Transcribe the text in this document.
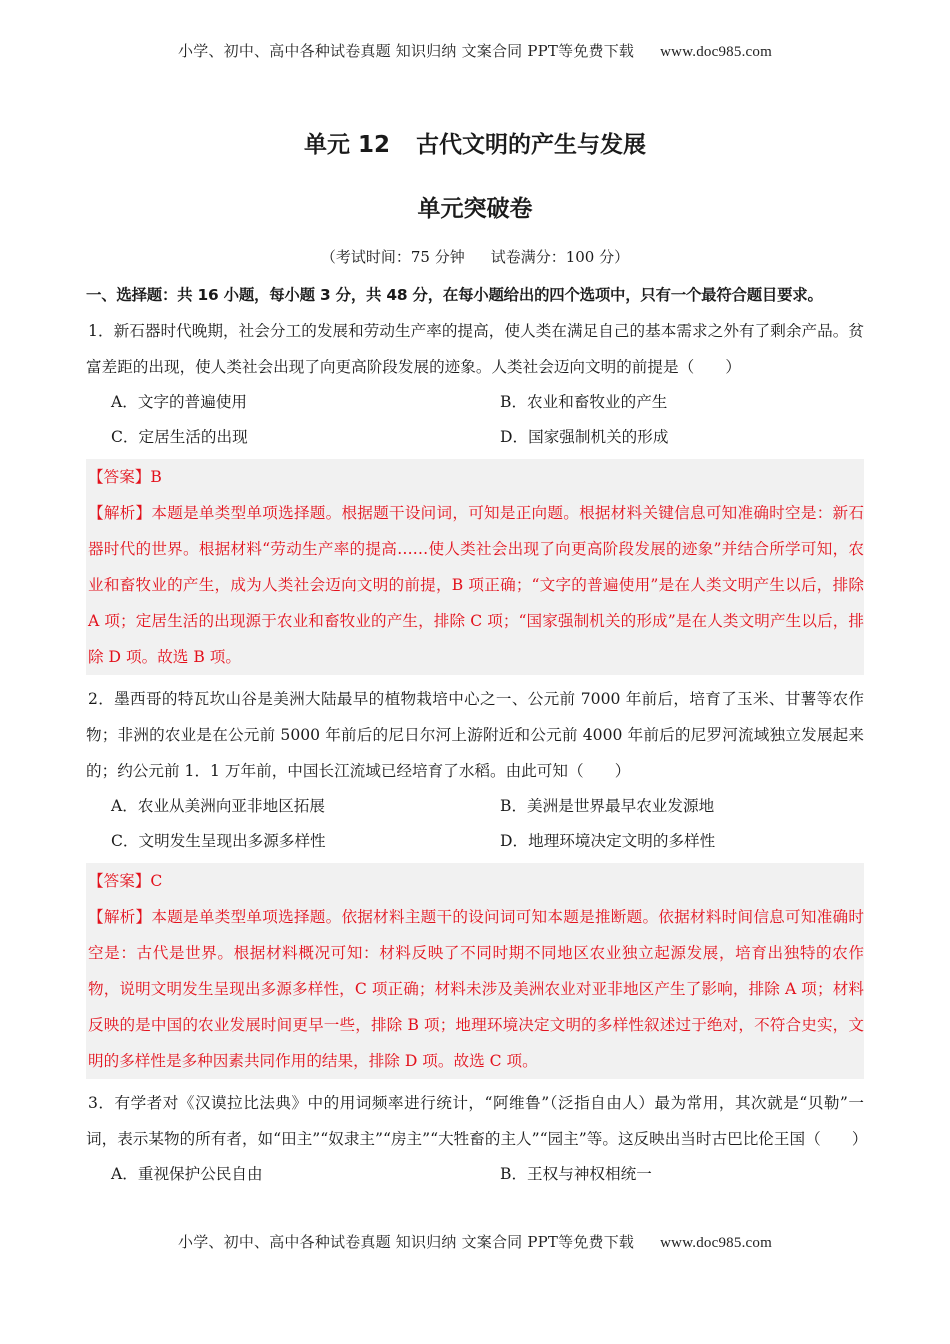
小学、初中、高中各种试卷真题 知识归纳 文案合同 PPT等免费下载 www.doc985.com
单元 12 古代文明的产生与发展
单元突破卷
（考试时间：75 分钟 试卷满分：100 分）
一、选择题：共 16 小题，每小题 3 分，共 48 分，在每小题给出的四个选项中，只有一个最符合题目要求。
1．新石器时代晚期，社会分工的发展和劳动生产率的提高，使人类在满足自己的基本需求之外有了剩余产品。贫富差距的出现，使人类社会出现了向更高阶段发展的迹象。人类社会迈向文明的前提是（　　）
A．文字的普遍使用	B．农业和畜牧业的产生
C．定居生活的出现	D．国家强制机关的形成
【答案】B
【解析】本题是单类型单项选择题。根据题干设问词，可知是正向题。根据材料关键信息可知准确时空是：新石器时代的世界。根据材料“劳动生产率的提高……使人类社会出现了向更高阶段发展的迹象”并结合所学可知，农业和畜牧业的产生，成为人类社会迈向文明的前提，B 项正确；“文字的普遍使用”是在人类文明产生以后，排除 A 项；定居生活的出现源于农业和畜牧业的产生，排除 C 项；“国家强制机关的形成”是在人类文明产生以后，排除 D 项。故选 B 项。
2．墨西哥的特瓦坎山谷是美洲大陆最早的植物栽培中心之一、公元前 7000 年前后，培育了玉米、甘薯等农作物；非洲的农业是在公元前 5000 年前后的尼日尔河上游附近和公元前 4000 年前后的尼罗河流域独立发展起来的；约公元前 1．1 万年前，中国长江流域已经培育了水稻。由此可知（　　）
A．农业从美洲向亚非地区拓展	B．美洲是世界最早农业发源地
C．文明发生呈现出多源多样性	D．地理环境决定文明的多样性
【答案】C
【解析】本题是单类型单项选择题。依据材料主题干的设问词可知本题是推断题。依据材料时间信息可知准确时空是：古代是世界。根据材料概况可知：材料反映了不同时期不同地区农业独立起源发展，培育出独特的农作物，说明文明发生呈现出多源多样性，C 项正确；材料未涉及美洲农业对亚非地区产生了影响，排除 A 项；材料反映的是中国的农业发展时间更早一些，排除 B 项；地理环境决定文明的多样性叙述过于绝对，不符合史实，文明的多样性是多种因素共同作用的结果，排除 D 项。故选 C 项。
3．有学者对《汉谟拉比法典》中的用词频率进行统计，“阿维鲁”（泛指自由人）最为常用，其次就是“贝勒”一词，表示某物的所有者，如“田主”“奴隶主”“房主”“大牲畜的主人”“园主”等。这反映出当时古巴比伦王国（　　）
A．重视保护公民自由	B．王权与神权相统一
小学、初中、高中各种试卷真题 知识归纳 文案合同 PPT等免费下载 www.doc985.com
